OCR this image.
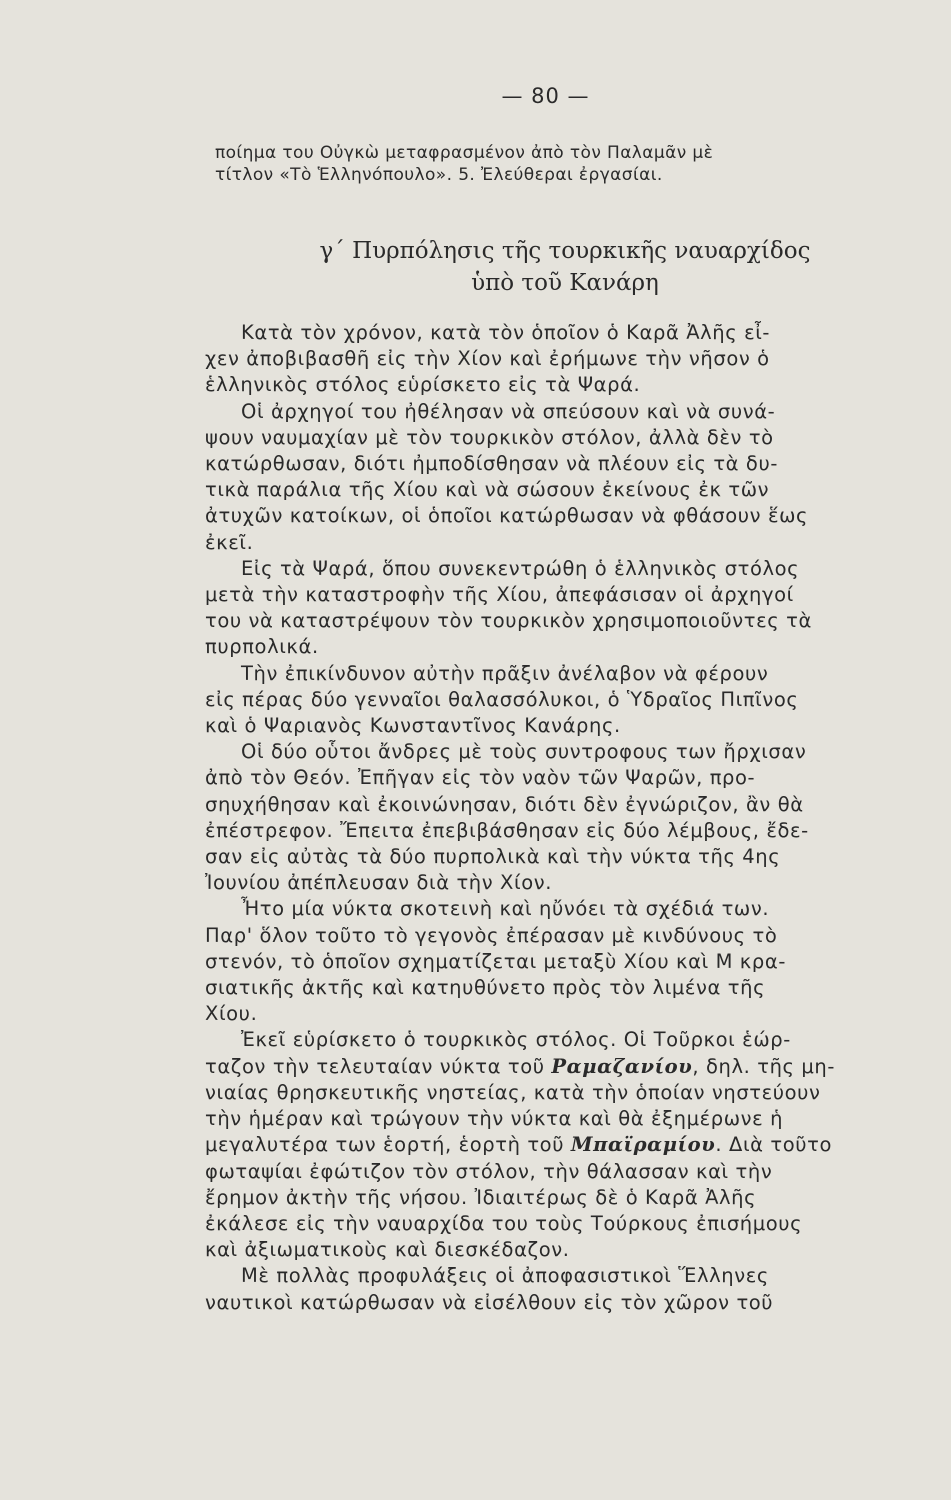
— 80 —
ποίημα του Οὐγκὼ μεταφρασμένον ἀπὸ τὸν Παλαμᾶν μὲ
τίτλον «Τὸ Ἑλληνόπουλο». 5. Ἐλεύθεραι ἐργασίαι.
γ΄ Πυρπόλησις τῆς τουρκικῆς ναυαρχίδος
ὑπὸ τοῦ Κανάρη
Κατὰ τὸν χρόνον, κατὰ τὸν ὁποῖον ὁ Καρᾶ Ἀλῆς εἶ-
χεν ἀποβιβασθῆ εἰς τὴν Χίον καὶ ἐρήμωνε τὴν νῆσον ὁ
ἑλληνικὸς στόλος εὑρίσκετο εἰς τὰ Ψαρά.
Οἱ ἀρχηγοί του ἠθέλησαν νὰ σπεύσουν καὶ νὰ συνά-
ψουν ναυμαχίαν μὲ τὸν τουρκικὸν στόλον, ἀλλὰ δὲν τὸ
κατώρθωσαν, διότι ἠμποδίσθησαν νὰ πλέουν εἰς τὰ δυ-
τικὰ παράλια τῆς Χίου καὶ νὰ σώσουν ἐκείνους ἐκ τῶν
ἀτυχῶν κατοίκων, οἱ ὁποῖοι κατώρθωσαν νὰ φθάσουν ἕως
ἐκεῖ.
Εἰς τὰ Ψαρά, ὅπου συνεκεντρώθη ὁ ἑλληνικὸς στόλος
μετὰ τὴν καταστροφὴν τῆς Χίου, ἀπεφάσισαν οἱ ἀρχηγοί
του νὰ καταστρέψουν τὸν τουρκικὸν χρησιμοποιοῦντες τὰ
πυρπολικά.
Τὴν ἐπικίνδυνον αὐτὴν πρᾶξιν ἀνέλαβον νὰ φέρουν
εἰς πέρας δύο γενναῖοι θαλασσόλυκοι, ὁ Ὑδραῖος Πιπῖνος
καὶ ὁ Ψαριανὸς Κωνσταντῖνος Κανάρης.
Οἱ δύο οὗτοι ἄνδρες μὲ τοὺς συντροφους των ἤρχισαν
ἀπὸ τὸν Θεόν. Ἐπῆγαν εἰς τὸν ναὸν τῶν Ψαρῶν, προ-
σηυχήθησαν καὶ ἐκοινώνησαν, διότι δὲν ἐγνώριζον, ἂν θὰ
ἐπέστρεφον. Ἔπειτα ἐπεβιβάσθησαν εἰς δύο λέμβους, ἔδε-
σαν εἰς αὐτὰς τὰ δύο πυρπολικὰ καὶ τὴν νύκτα τῆς 4ης
Ἰουνίου ἀπέπλευσαν διὰ τὴν Χίον.
Ἦτο μία νύκτα σκοτεινὴ καὶ ηὔνόει τὰ σχέδιά των.
Παρ' ὅλον τοῦτο τὸ γεγονὸς ἐπέρασαν μὲ κινδύνους τὸ
στενόν, τὸ ὁποῖον σχηματίζεται μεταξὺ Χίου καὶ Μ κρα-
σιατικῆς ἀκτῆς καὶ κατηυθύνετο πρὸς τὸν λιμένα τῆς
Χίου.
Ἐκεῖ εὑρίσκετο ὁ τουρκικὸς στόλος. Οἱ Τοῦρκοι ἑώρ-
ταζον τὴν τελευταίαν νύκτα τοῦ Ραμαζανίου, δηλ. τῆς μη-
νιαίας θρησκευτικῆς νηστείας, κατὰ τὴν ὁποίαν νηστεύουν
τὴν ἡμέραν καὶ τρώγουν τὴν νύκτα καὶ θὰ ἐξημέρωνε ἡ
μεγαλυτέρα των ἑορτή, ἑορτὴ τοῦ Μπαϊραμίου. Διὰ τοῦτο
φωταψίαι ἐφώτιζον τὸν στόλον, τὴν θάλασσαν καὶ τὴν
ἔρημον ἀκτὴν τῆς νήσου. Ἰδιαιτέρως δὲ ὁ Καρᾶ Ἀλῆς
ἐκάλεσε εἰς τὴν ναυαρχίδα του τοὺς Τούρκους ἐπισήμους
καὶ ἀξιωματικοὺς καὶ διεσκέδαζον.
Μὲ πολλὰς προφυλάξεις οἱ ἀποφασιστικοὶ Ἕλληνες
ναυτικοὶ κατώρθωσαν νὰ εἰσέλθουν εἰς τὸν χῶρον τοῦ
